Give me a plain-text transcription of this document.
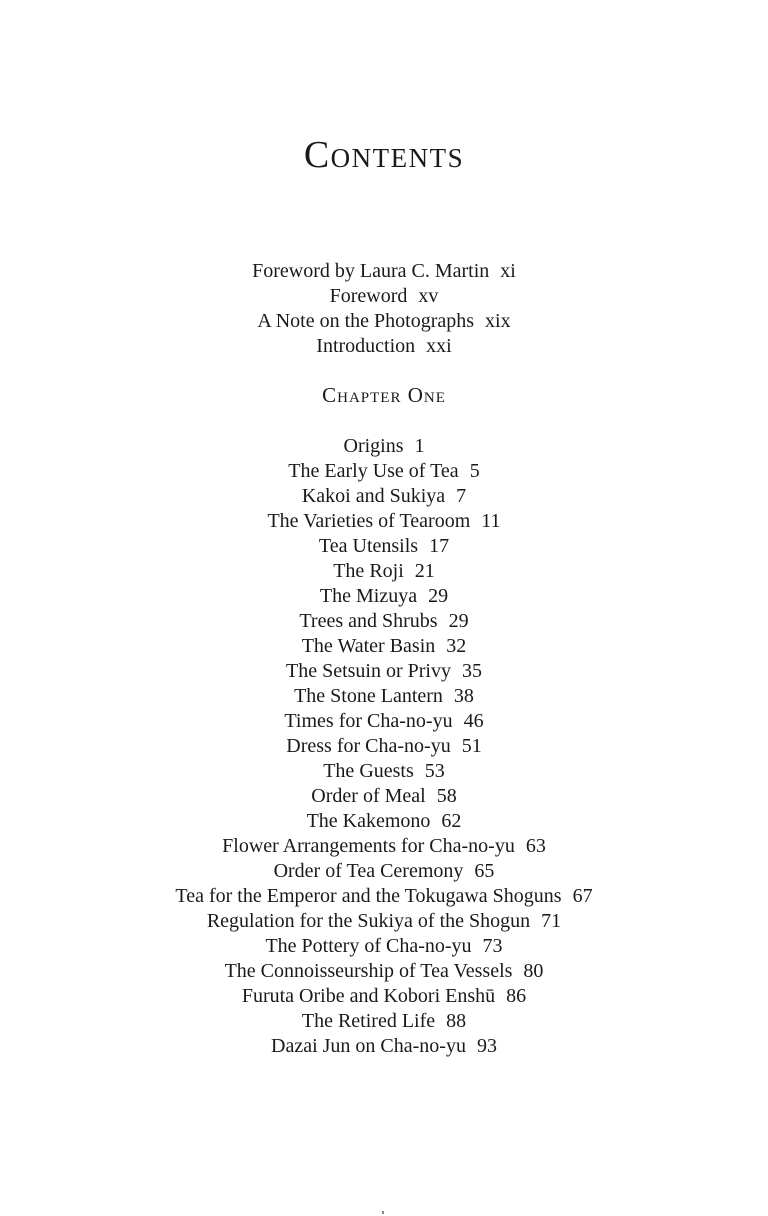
Contents
Foreword by Laura C. Martin xi
Foreword xv
A Note on the Photographs xix
Introduction xxi
Chapter One
Origins 1
The Early Use of Tea 5
Kakoi and Sukiya 7
The Varieties of Tearoom 11
Tea Utensils 17
The Roji 21
The Mizuya 29
Trees and Shrubs 29
The Water Basin 32
The Setsuin or Privy 35
The Stone Lantern 38
Times for Cha-no-yu 46
Dress for Cha-no-yu 51
The Guests 53
Order of Meal 58
The Kakemono 62
Flower Arrangements for Cha-no-yu 63
Order of Tea Ceremony 65
Tea for the Emperor and the Tokugawa Shoguns 67
Regulation for the Sukiya of the Shogun 71
The Pottery of Cha-no-yu 73
The Connoisseurship of Tea Vessels 80
Furuta Oribe and Kobori Enshū 86
The Retired Life 88
Dazai Jun on Cha-no-yu 93
